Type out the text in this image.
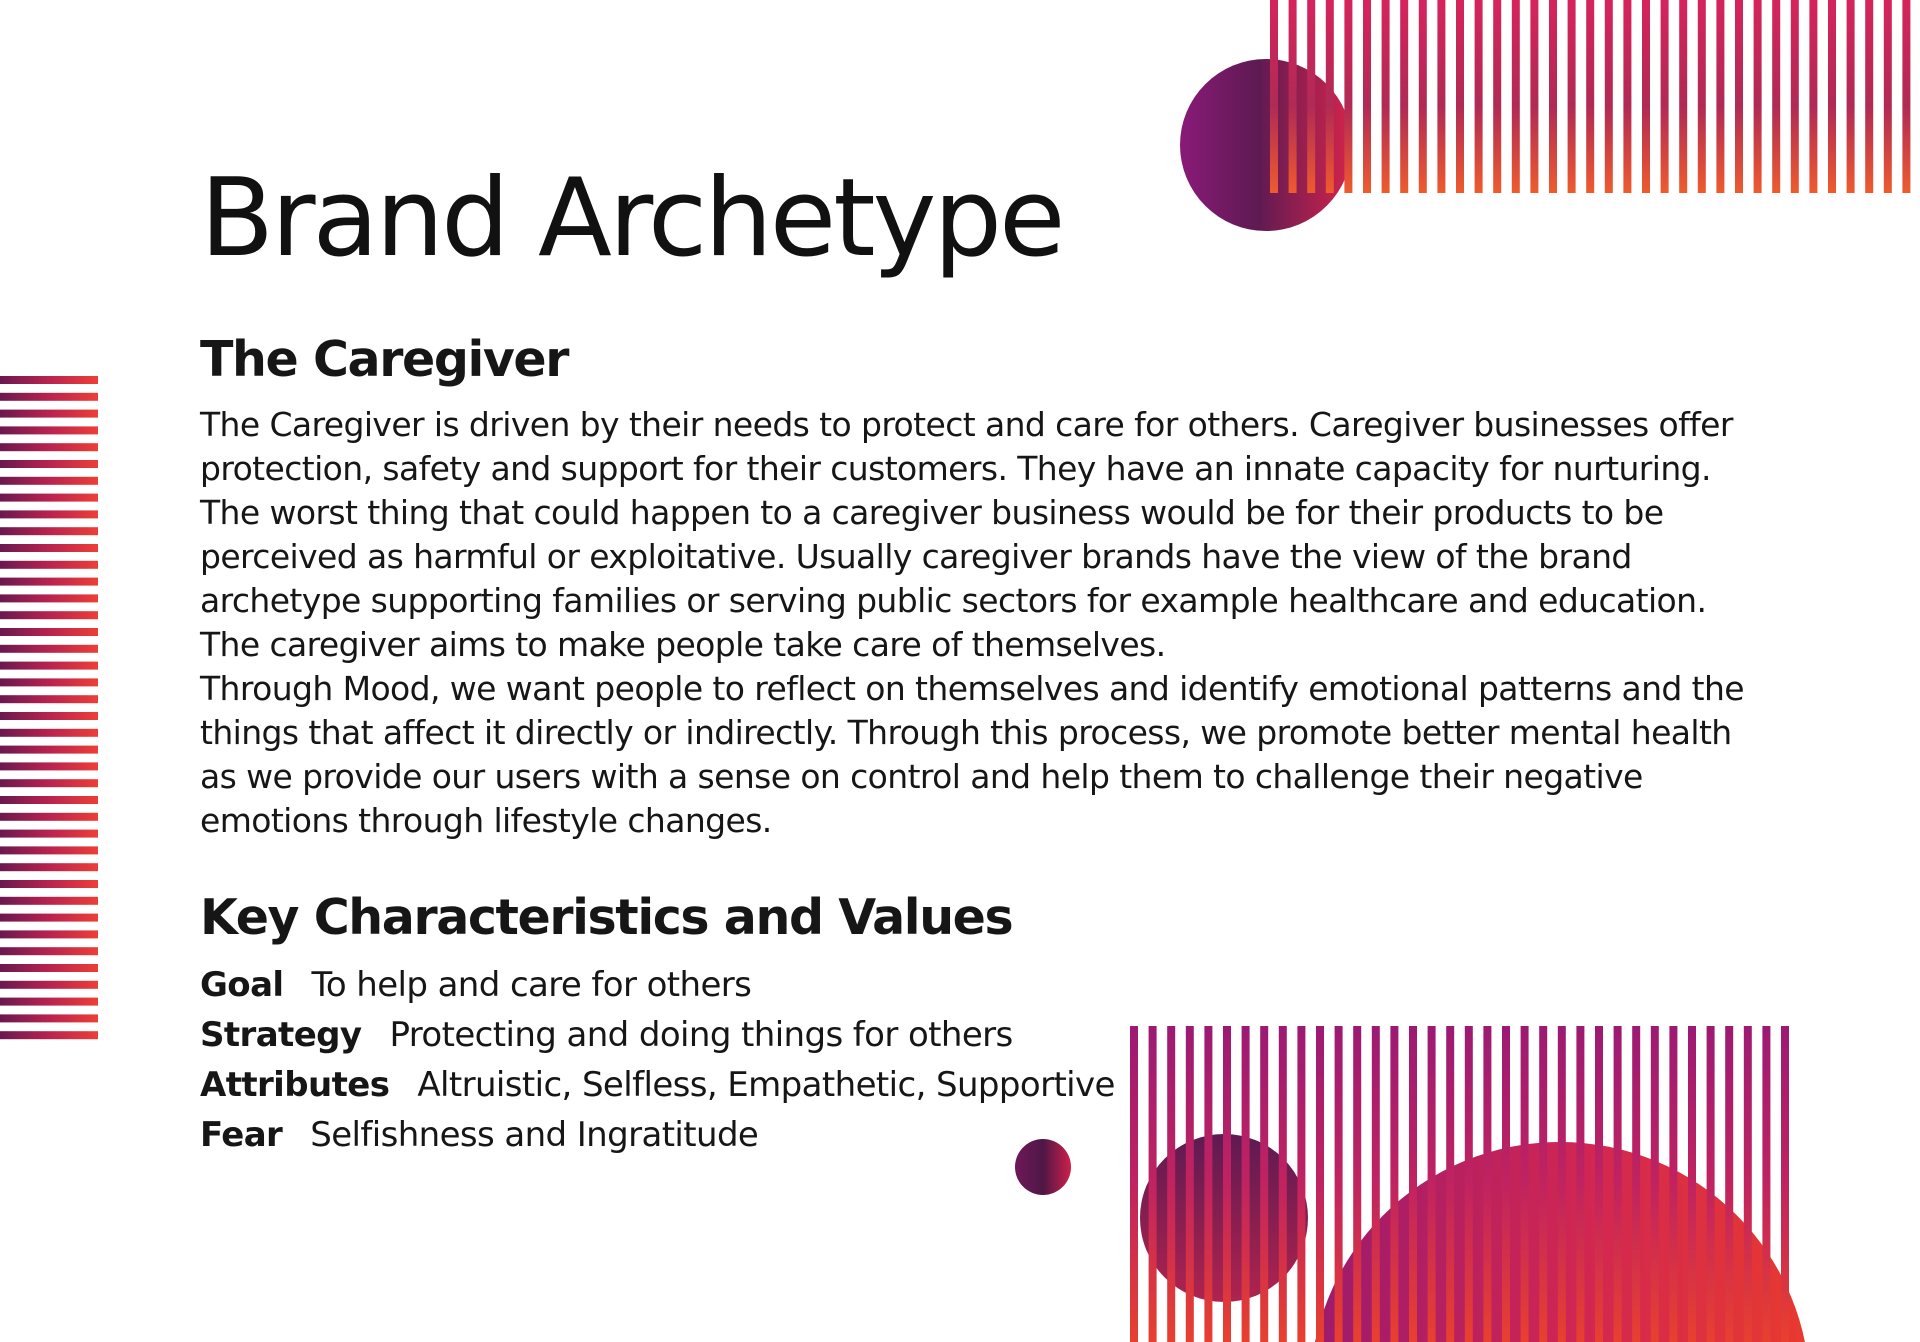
Brand Archetype
The Caregiver

The Caregiver is driven by their needs to protect and care for others. Caregiver businesses offer protection, safety and support for their customers. They have an innate capacity for nurturing. The worst thing that could happen to a caregiver business would be for their products to be perceived as harmful or exploitative. Usually caregiver brands have the view of the brand archetype supporting families or serving public sectors for example healthcare and education. The caregiver aims to make people take care of themselves.

Through Mood, we want people to reflect on themselves and identify emotional patterns and the things that affect it directly or indirectly. Through this process, we promote better mental health as we provide our users with a sense on control and help them to challenge their negative emotions through lifestyle changes.

Key Characteristics and Values
Goal To help and care for others
Strategy Protecting and doing things for others
Attributes Altruistic, Selfless, Empathetic, Supportive
Fear Selfishness and Ingratitude
